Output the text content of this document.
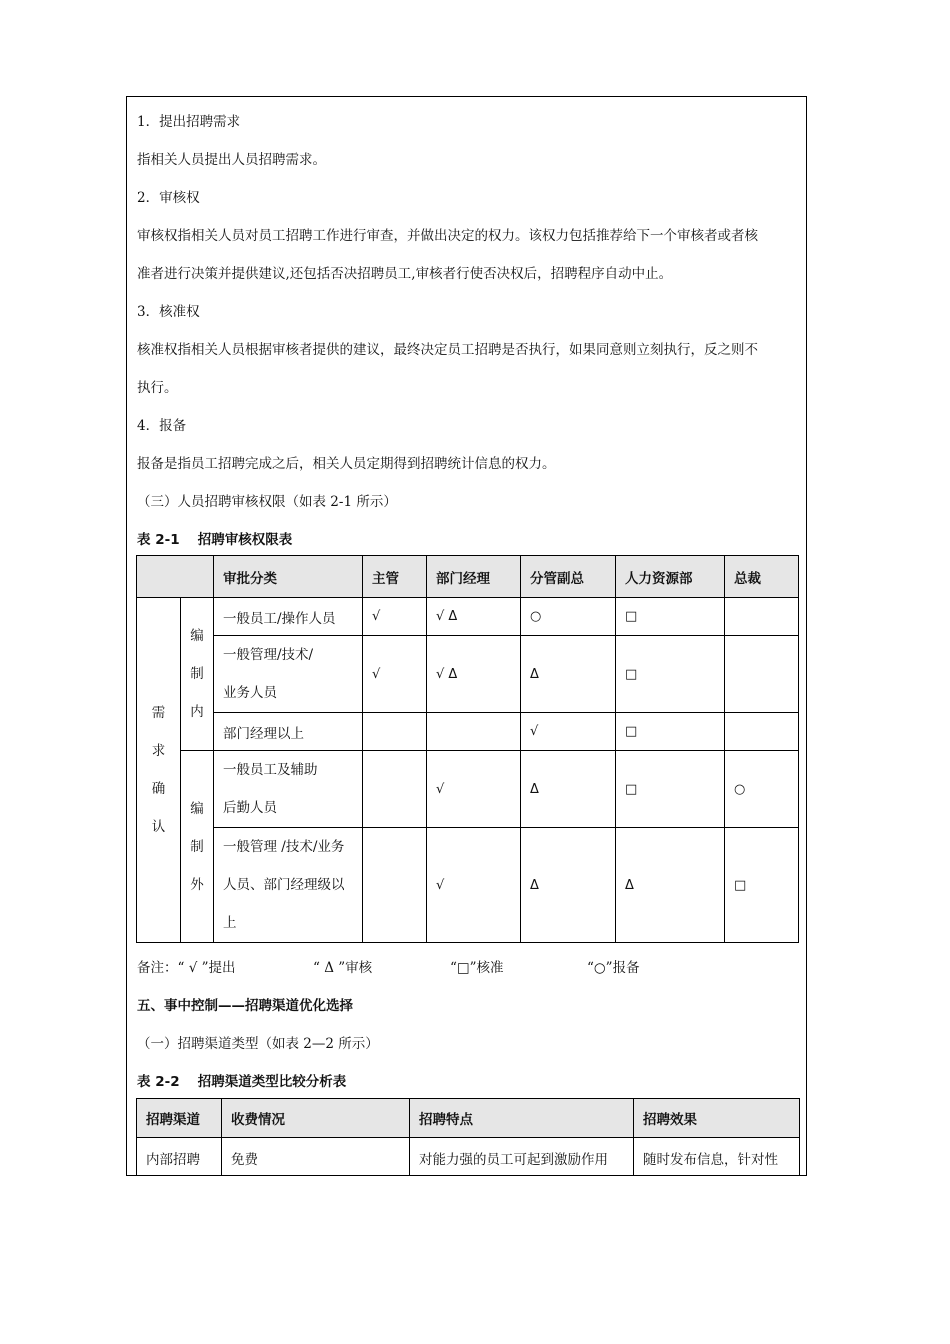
1．提出招聘需求
指相关人员提出人员招聘需求。
2．审核权
审核权指相关人员对员工招聘工作进行审查，并做出决定的权力。该权力包括推荐给下一个审核者或者核
准者进行决策并提供建议,还包括否决招聘员工,审核者行使否决权后，招聘程序自动中止。
3．核准权
核准权指相关人员根据审核者提供的建议，最终决定员工招聘是否执行，如果同意则立刻执行，反之则不
执行。
4．报备
报备是指员工招聘完成之后，相关人员定期得到招聘统计信息的权力。
（三）人员招聘审核权限（如表 2-1 所示）
表 2-1　 招聘审核权限表
		审批分类	主管	部门经理	分管副总	人力资源部	总裁

需求确认	编制内	一般员工/操作人员	√	√ Δ	○	□	

		一般管理/技术/
业务人员	√	√ Δ	Δ	□	
		部门经理以上			√	□	

	编制外	一般员工及辅助
后勤人员		√	Δ	□	○

		一般管理 /技术/业务
人员、部门经理级以
上		√	Δ	Δ	□
备注：“ √ ”提出	“ Δ ”审核	“□”核准	“○”报备
五、事中控制——招聘渠道优化选择
（一）招聘渠道类型（如表 2—2 所示）
表 2-2　 招聘渠道类型比较分析表
招聘渠道	收费情况	招聘特点	招聘效果
内部招聘	免费	对能力强的员工可起到激励作用	随时发布信息，针对性
